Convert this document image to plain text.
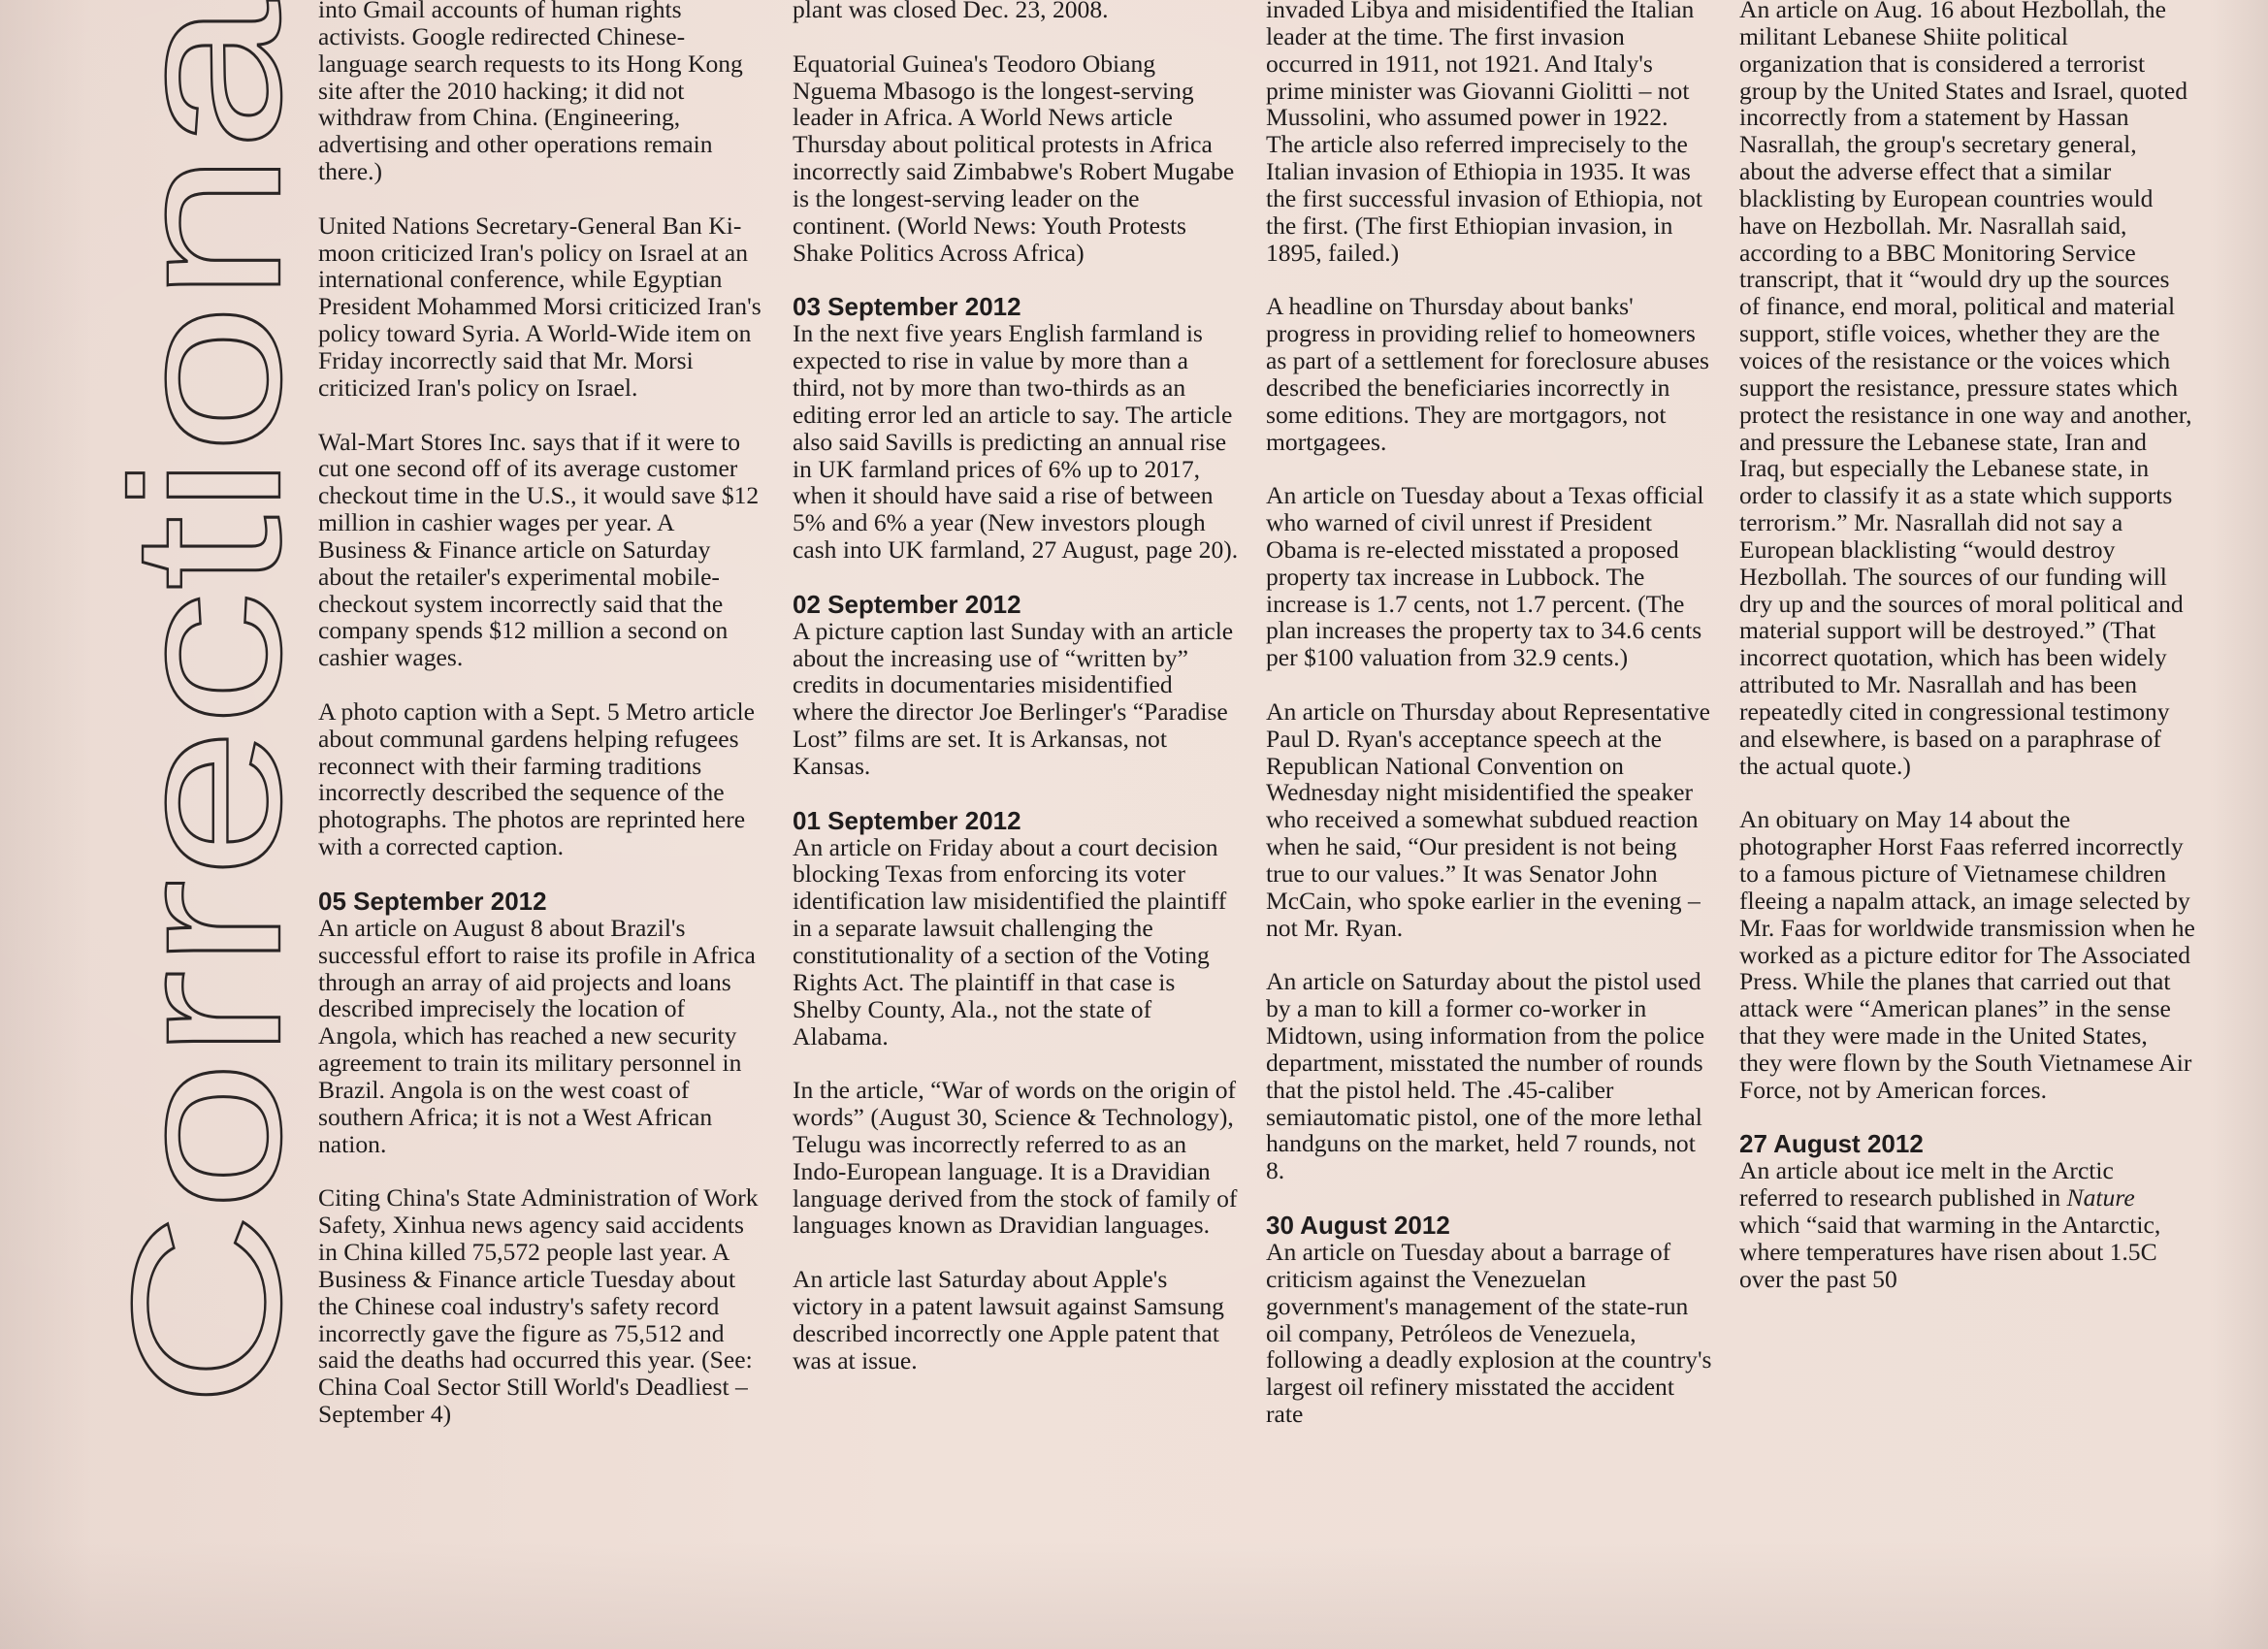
Correctiona

into Gmail accounts of human rights activists. Google redirected Chinese-language search requests to its Hong Kong site after the 2010 hacking; it did not withdraw from China. (Engineering, advertising and other operations remain there.)

United Nations Secretary-General Ban Ki-moon criticized Iran's policy on Israel at an international conference, while Egyptian President Mohammed Morsi criticized Iran's policy toward Syria. A World-Wide item on Friday incorrectly said that Mr. Morsi criticized Iran's policy on Israel.

Wal-Mart Stores Inc. says that if it were to cut one second off of its average customer checkout time in the U.S., it would save $12 million in cashier wages per year. A Business & Finance article on Saturday about the retailer's experimental mobile-checkout system incorrectly said that the company spends $12 million a second on cashier wages.

A photo caption with a Sept. 5 Metro article about communal gardens helping refugees reconnect with their farming traditions incorrectly described the sequence of the photographs. The photos are reprinted here with a corrected caption.

05 September 2012

An article on August 8 about Brazil's successful effort to raise its profile in Africa through an array of aid projects and loans described imprecisely the location of Angola, which has reached a new security agreement to train its military personnel in Brazil. Angola is on the west coast of southern Africa; it is not a West African nation.

Citing China's State Administration of Work Safety, Xinhua news agency said accidents in China killed 75,572 people last year. A Business & Finance article Tuesday about the Chinese coal industry's safety record incorrectly gave the figure as 75,512 and said the deaths had occurred this year. (See: China Coal Sector Still World's Deadliest – September 4)

plant was closed Dec. 23, 2008.

Equatorial Guinea's Teodoro Obiang Nguema Mbasogo is the longest-serving leader in Africa. A World News article Thursday about political protests in Africa incorrectly said Zimbabwe's Robert Mugabe is the longest-serving leader on the continent. (World News: Youth Protests Shake Politics Across Africa)

03 September 2012

In the next five years English farmland is expected to rise in value by more than a third, not by more than two-thirds as an editing error led an article to say. The article also said Savills is predicting an annual rise in UK farmland prices of 6% up to 2017, when it should have said a rise of between 5% and 6% a year (New investors plough cash into UK farmland, 27 August, page 20).

02 September 2012

A picture caption last Sunday with an article about the increasing use of “written by” credits in documentaries misidentified where the director Joe Berlinger's “Paradise Lost” films are set. It is Arkansas, not Kansas.

01 September 2012

An article on Friday about a court decision blocking Texas from enforcing its voter identification law misidentified the plaintiff in a separate lawsuit challenging the constitutionality of a section of the Voting Rights Act. The plaintiff in that case is Shelby County, Ala., not the state of Alabama.

In the article, “War of words on the origin of words” (August 30, Science & Technology), Telugu was incorrectly referred to as an Indo-European language. It is a Dravidian language derived from the stock of family of languages known as Dravidian languages.

An article last Saturday about Apple's victory in a patent lawsuit against Samsung described incorrectly one Apple patent that was at issue.

invaded Libya and misidentified the Italian leader at the time. The first invasion occurred in 1911, not 1921. And Italy's prime minister was Giovanni Giolitti – not Mussolini, who assumed power in 1922. The article also referred imprecisely to the Italian invasion of Ethiopia in 1935. It was the first successful invasion of Ethiopia, not the first. (The first Ethiopian invasion, in 1895, failed.)

A headline on Thursday about banks' progress in providing relief to homeowners as part of a settlement for foreclosure abuses described the beneficiaries incorrectly in some editions. They are mortgagors, not mortgagees.

An article on Tuesday about a Texas official who warned of civil unrest if President Obama is re-elected misstated a proposed property tax increase in Lubbock. The increase is 1.7 cents, not 1.7 percent. (The plan increases the property tax to 34.6 cents per $100 valuation from 32.9 cents.)

An article on Thursday about Representative Paul D. Ryan's acceptance speech at the Republican National Convention on Wednesday night misidentified the speaker who received a somewhat subdued reaction when he said, “Our president is not being true to our values.” It was Senator John McCain, who spoke earlier in the evening – not Mr. Ryan.

An article on Saturday about the pistol used by a man to kill a former co-worker in Midtown, using information from the police department, misstated the number of rounds that the pistol held. The .45-caliber semiautomatic pistol, one of the more lethal handguns on the market, held 7 rounds, not 8.

30 August 2012

An article on Tuesday about a barrage of criticism against the Venezuelan government's management of the state-run oil company, Petróleos de Venezuela, following a deadly explosion at the country's largest oil refinery misstated the accident rate

An article on Aug. 16 about Hezbollah, the militant Lebanese Shiite political organization that is considered a terrorist group by the United States and Israel, quoted incorrectly from a statement by Hassan Nasrallah, the group's secretary general, about the adverse effect that a similar blacklisting by European countries would have on Hezbollah. Mr. Nasrallah said, according to a BBC Monitoring Service transcript, that it “would dry up the sources of finance, end moral, political and material support, stifle voices, whether they are the voices of the resistance or the voices which support the resistance, pressure states which protect the resistance in one way and another, and pressure the Lebanese state, Iran and Iraq, but especially the Lebanese state, in order to classify it as a state which supports terrorism.” Mr. Nasrallah did not say a European blacklisting “would destroy Hezbollah. The sources of our funding will dry up and the sources of moral political and material support will be destroyed.” (That incorrect quotation, which has been widely attributed to Mr. Nasrallah and has been repeatedly cited in congressional testimony and elsewhere, is based on a paraphrase of the actual quote.)

An obituary on May 14 about the photographer Horst Faas referred incorrectly to a famous picture of Vietnamese children fleeing a napalm attack, an image selected by Mr. Faas for worldwide transmission when he worked as a picture editor for The Associated Press. While the planes that carried out that attack were “American planes” in the sense that they were made in the United States, they were flown by the South Vietnamese Air Force, not by American forces.

27 August 2012

An article about ice melt in the Arctic referred to research published in Nature which “said that warming in the Antarctic, where temperatures have risen about 1.5C over the past 50
